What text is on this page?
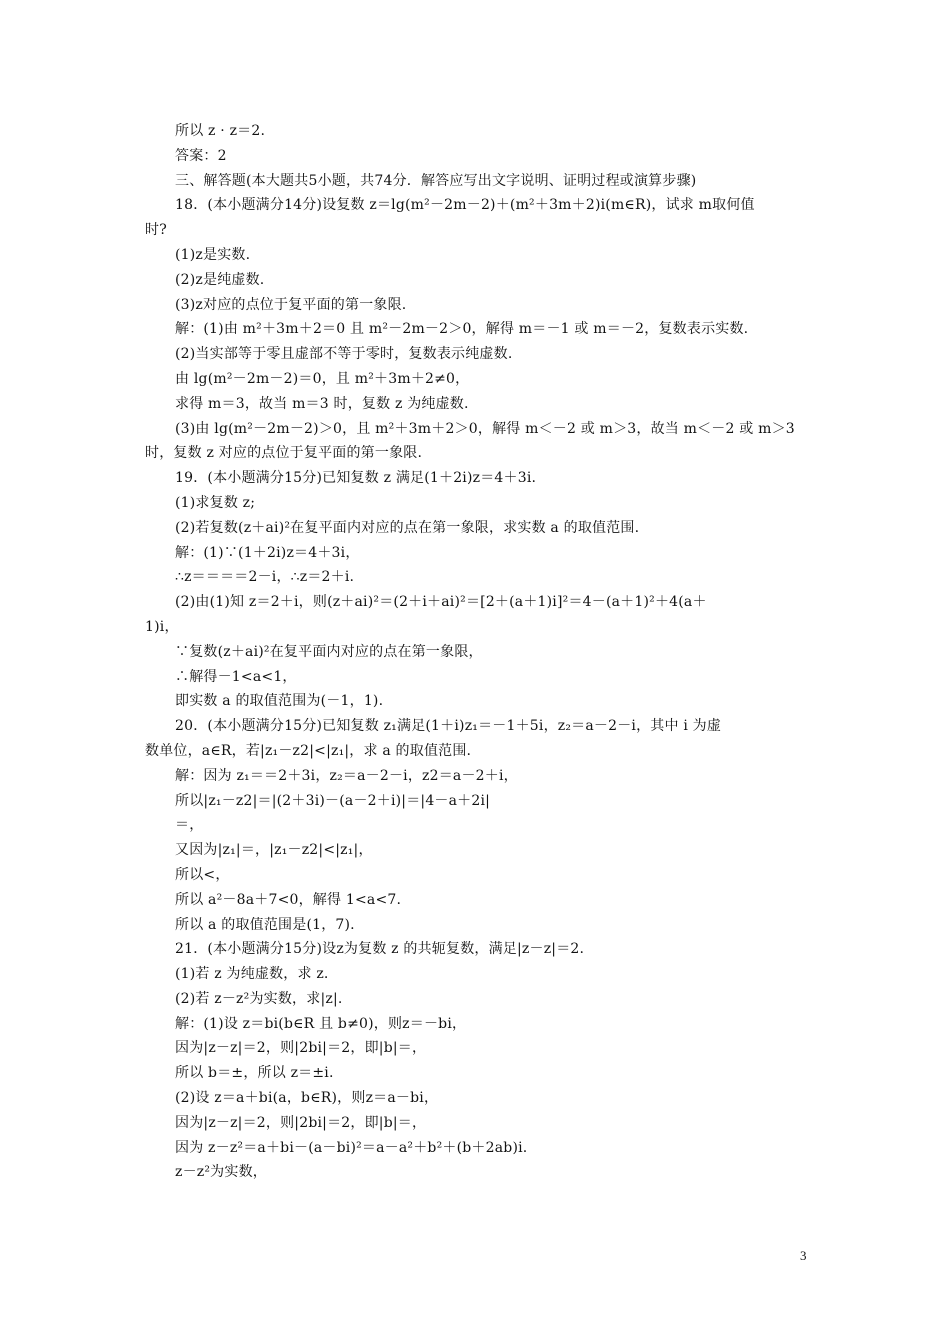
所以 z · z＝2.
答案：2
三、解答题(本大题共5小题，共74分．解答应写出文字说明、证明过程或演算步骤)
18．(本小题满分14分)设复数 z＝lg(m²－2m－2)＋(m²＋3m＋2)i(m∈R)，试求 m取何值
时?
(1)z是实数.
(2)z是纯虚数.
(3)z对应的点位于复平面的第一象限.
解：(1)由 m²＋3m＋2＝0 且 m²－2m－2＞0，解得 m＝－1 或 m＝－2，复数表示实数.
(2)当实部等于零且虚部不等于零时，复数表示纯虚数.
由 lg(m²－2m－2)＝0，且 m²＋3m＋2≠0，
求得 m＝3，故当 m＝3 时，复数 z 为纯虚数.
(3)由 lg(m²－2m－2)＞0，且 m²＋3m＋2＞0，解得 m＜－2 或 m＞3，故当 m＜－2 或 m＞3
时，复数 z 对应的点位于复平面的第一象限.
19．(本小题满分15分)已知复数 z 满足(1＋2i)z＝4＋3i.
(1)求复数 z;
(2)若复数(z＋ai)²在复平面内对应的点在第一象限，求实数 a 的取值范围.
解：(1)∵(1＋2i)z＝4＋3i，
∴z＝＝＝＝2－i，∴z＝2＋i.
(2)由(1)知 z＝2＋i，则(z＋ai)²＝(2＋i＋ai)²＝[2＋(a＋1)i]²＝4－(a＋1)²＋4(a＋
1)i，
∵复数(z＋ai)²在复平面内对应的点在第一象限，
∴解得－1<a<1，
即实数 a 的取值范围为(－1，1).
20．(本小题满分15分)已知复数 z₁满足(1＋i)z₁＝－1＋5i，z₂＝a－2－i，其中 i 为虚
数单位，a∈R，若|z₁－z2|<|z₁|，求 a 的取值范围.
解：因为 z₁＝＝2＋3i，z₂＝a－2－i，z2＝a－2＋i，
所以|z₁－z2|＝|(2＋3i)－(a－2＋i)|＝|4－a＋2i|
＝，
又因为|z₁|＝，|z₁－z2|<|z₁|，
所以<，
所以 a²－8a＋7<0，解得 1<a<7.
所以 a 的取值范围是(1，7).
21．(本小题满分15分)设z为复数 z 的共轭复数，满足|z－z|＝2.
(1)若 z 为纯虚数，求 z.
(2)若 z－z²为实数，求|z|.
解：(1)设 z＝bi(b∈R 且 b≠0)，则z＝－bi，
因为|z－z|＝2，则|2bi|＝2，即|b|＝，
所以 b＝±，所以 z＝±i.
(2)设 z＝a＋bi(a，b∈R)，则z＝a－bi，
因为|z－z|＝2，则|2bi|＝2，即|b|＝，
因为 z－z²＝a＋bi－(a－bi)²＝a－a²＋b²＋(b＋2ab)i.
z－z²为实数，
3
